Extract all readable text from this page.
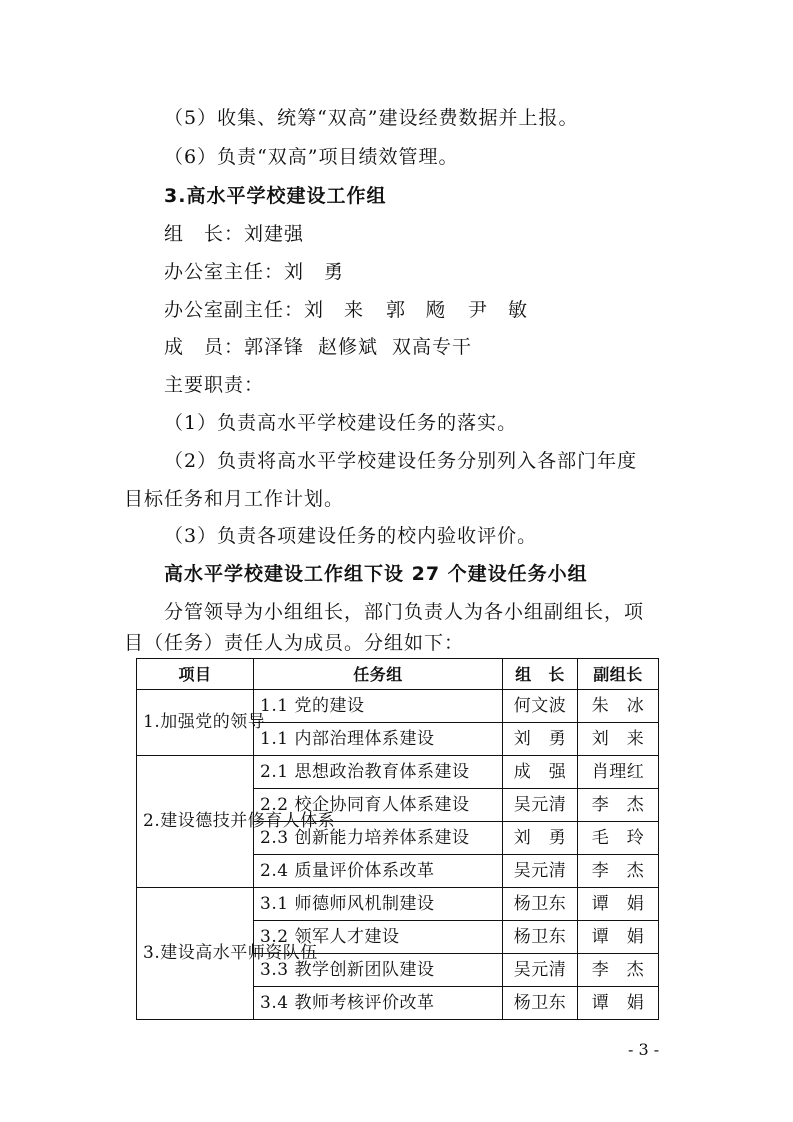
（5）收集、统筹“双高”建设经费数据并上报。
（6）负责“双高”项目绩效管理。
3.高水平学校建设工作组
组　长：刘建强
办公室主任：刘　勇
办公室副主任：刘　来 郭　飏 尹　敏
成　员：郭泽锋 赵修斌 双高专干
主要职责：
（1）负责高水平学校建设任务的落实。
（2）负责将高水平学校建设任务分别列入各部门年度
目标任务和月工作计划。
（3）负责各项建设任务的校内验收评价。
高水平学校建设工作组下设 27 个建设任务小组
分管领导为小组组长，部门负责人为各小组副组长，项
目（任务）责任人为成员。分组如下：
项目	任务组	组　长	副组长
1.加强党的领导	1.1 党的建设	何文波	朱　冰
	1.1 内部治理体系建设	刘　勇	刘　来
2.建设德技并修育人体系	2.1 思想政治教育体系建设	成　强	肖理红
	2.2 校企协同育人体系建设	吴元清	李　杰
	2.3 创新能力培养体系建设	刘　勇	毛　玲
	2.4 质量评价体系改革	吴元清	李　杰
3.建设高水平师资队伍	3.1 师德师风机制建设	杨卫东	谭　娟
	3.2 领军人才建设	杨卫东	谭　娟
	3.3 教学创新团队建设	吴元清	李　杰
	3.4 教师考核评价改革	杨卫东	谭　娟
- 3 -
